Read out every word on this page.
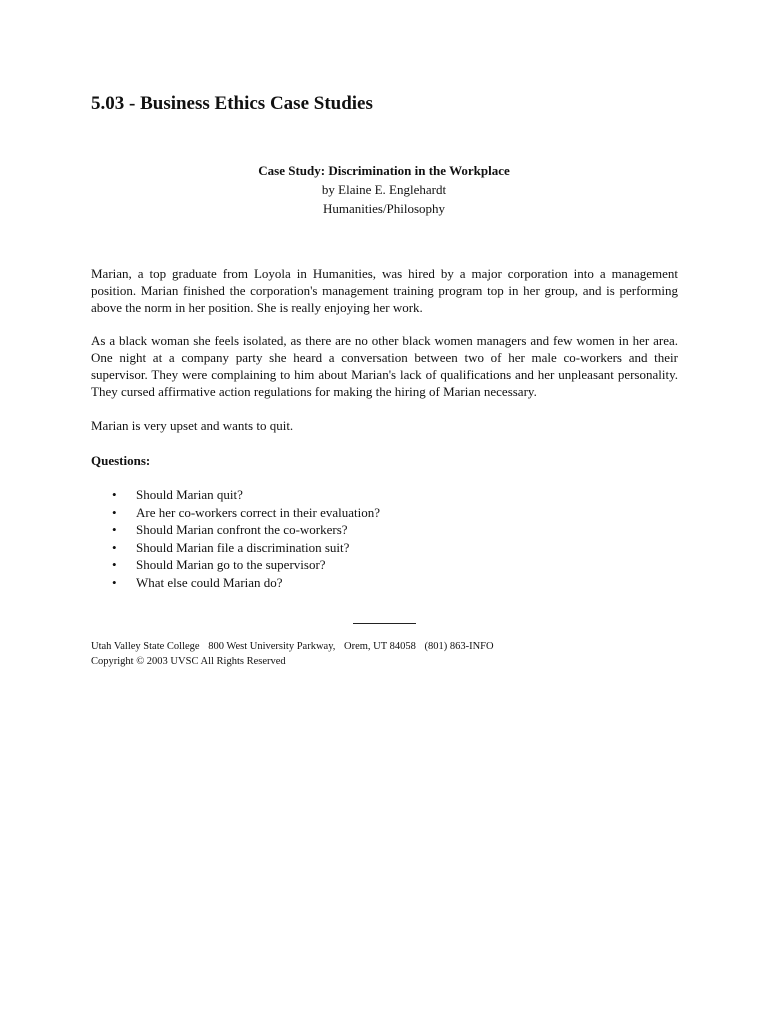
5.03 - Business Ethics Case Studies
Case Study: Discrimination in the Workplace
by Elaine E. Englehardt
Humanities/Philosophy

Marian, a top graduate from Loyola in Humanities, was hired by a major corporation into a management position. Marian finished the corporation's management training program top in her group, and is performing above the norm in her position. She is really enjoying her work.

As a black woman she feels isolated, as there are no other black women managers and few women in her area. One night at a company party she heard a conversation between two of her male co-workers and their supervisor. They were complaining to him about Marian's lack of qualifications and her unpleasant personality. They cursed affirmative action regulations for making the hiring of Marian necessary.

Marian is very upset and wants to quit.

Questions:

• Should Marian quit?
• Are her co-workers correct in their evaluation?
• Should Marian confront the co-workers?
• Should Marian file a discrimination suit?
• Should Marian go to the supervisor?
• What else could Marian do?
Utah Valley State College 800 West University Parkway, Orem, UT 84058 (801) 863-INFO
Copyright © 2003 UVSC All Rights Reserved
